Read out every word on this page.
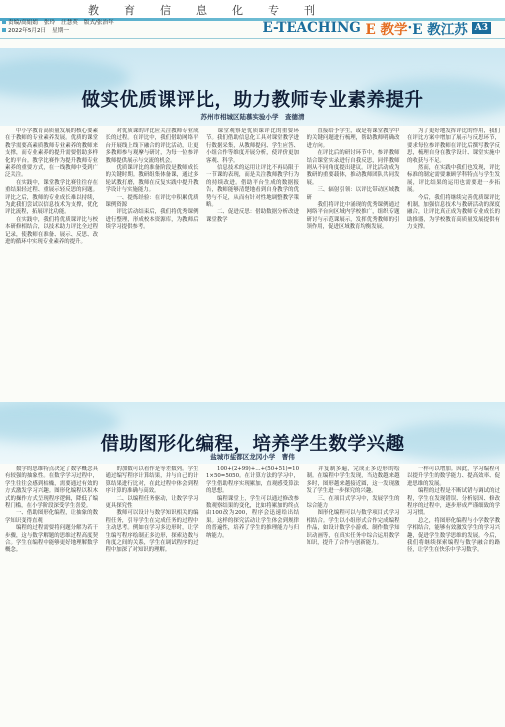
教 育 信 息 化 专 刊
责编/高娟娟 张玲 汪慧英 版式/张治年
2022年5月2日 星期一	E-TEACHING
E 教学 · E 教江苏 A3
做实优质课评比，助力教师专业素养提升
苏州市相城区陆慕实验小学　查德清
　　中小学教育高质量发展的核心要素在于教师的专业素养发展。优质的课堂教学需要高素质教师专业素养的教师来支撑，而专业素养的提升需要借助多样化的平台。教学比赛作为提升教师专业素养的重要方式，在一线教师中受到广泛关注。
　　在实践中，课堂教学比赛往往存在重结果轻过程、重展示轻反思的问题。评比之后，教师的专业成长难以持续，为此我们尝试以信息技术为支撑，优化评比流程，拓展评比功能。
　　在实践中，我们将优质课评比与校本研修相结合，以技术助力评比全过程记录，使教师在准备、展示、反思、改进的循环中实现专业素养的提升。
　　对优质课的评比应关注教师专业成长的过程。在评比中，我们借助网络平台开展线上线下融合的评比活动，让更多教师参与观摩与研讨，为每一位参评教师提供展示与交流的机会。
　　优质课评比的准备阶段是教师成长的关键时期。教研组集体备课，通过多轮试教打磨，教师在反复实践中提升教学设计与实施能力。
　　一、提炼经验：在评比中积累优质课例资源
　　评比活动结束后，我们将优秀课例进行整理，形成校本资源库，为教师后续学习提供参考。
　　课堂观察是优质课评比的重要环节。我们借助信息化工具对课堂教学进行数据采集，从教师提问、学生应答、小组合作等维度开展分析，使评价更加客观、科学。
　　信息技术的运用让评比不再局限于一节课的表现，而是关注教师教学行为的持续改进。借助平台生成的数据报告，教师能够清楚地看到自身教学的优势与不足，从而有针对性地调整教学策略。
　　二、促进反思：借助数据分析改进课堂教学
　　直接给予学生，或是将课堂教学中的关键问题进行梳理，帮助教师明确改进方向。
　　在评比后的研讨环节中，参评教师结合课堂实录进行自我反思，同伴教师则从不同角度提出建议。评比活动成为教研的重要载体，推动教师团队共同发展。
　　三、辐射引领：以评比带动区域教研
　　我们将评比中涌现的优秀课例通过网络平台向区域内学校推广，组织专题研讨与示范课展示，发挥优秀教师的引领作用，促进区域教育均衡发展。
　　为了更好地发挥评比的作用，我们在评比方案中增加了展示与反思环节，要求每位参评教师在评比后撰写教学反思，梳理自身在教学设计、课堂实施中的收获与不足。
　　然而，在实践中我们也发现，评比标准的制定需要兼顾学科特点与学生发展，评比结果的运用也需要进一步拓展。
　　今后，我们将继续完善优质课评比机制，加强信息技术与教研活动的深度融合，让评比真正成为教师专业成长的助推器，为学校教育高质量发展提供有力支撑。
借助图形化编程，培养学生数学兴趣
盐城市盐都区龙冈小学　曹伟
　　数学的思维特点决定了数学概念具有较强的抽象性。在数学学习过程中，学生往往会感到枯燥，需要通过有效的方式激发学习兴趣。图形化编程以积木式的操作方式呈现程序逻辑，降低了编程门槛，在小学阶段深受学生喜爱。
　　一、借助图形化编程，让抽象的数学知识变得直观
　　编程的过程需要将问题分解为若干步骤，这与数学解题的思维过程高度契合。学生在编程中能够更好地理解数学概念。
　　的加数可以看作是等差数列。学生通过编写程序计算结果，并与自己的计算结果进行比对，在此过程中体会到程序计算的准确与高效。
　　二、以编程任务驱动，让数学学习更具探究性
　　教师可以设计与数学知识相关的编程任务，引导学生在完成任务的过程中主动思考。例如在学习多边形时，让学生编写程序绘制正多边形，探索边数与角度之间的关系，学生在调试程序的过程中加深了对知识的理解。
　　100+(2+99)+…+(50+51)=101×50=5050。在计算方法的学习中，学生借助程序实现累加，直观感受算法的思想。
　　编程课堂上，学生可以通过修改参数观察结果的变化，比如将累加的终点由100改为200，程序会迅速给出结果。这样的探究活动让学生体会到规律的普遍性，培养了学生的推理能力与归纳能力。
　　并复制多遍，完成正多边形的绘制。在编程中学生发现，当边数越来越多时，图形越来越接近圆，这一发现激发了学生进一步探究的兴趣。
　　三、在项目式学习中，发展学生的综合能力
　　图形化编程可以与数学项目式学习相结合。学生以小组形式合作完成编程作品，如设计数学小游戏、制作数学知识动画等，在真实任务中综合运用数学知识，提升了合作与创新能力。
　　一样可以增加。因此，学习编程可以提升学生的数学能力、提高效率、促进思维的发展。
　　编程的过程是不断试错与调试的过程，学生在发现错误、分析原因、修改程序的过程中，逐步形成严谨细致的学习习惯。
　　总之，将图形化编程与小学数学教学相结合，能够有效激发学生的学习兴趣，促进学生数学思维的发展。今后，我们将继续探索编程与数学融合的路径，让学生在快乐中学习数学。
